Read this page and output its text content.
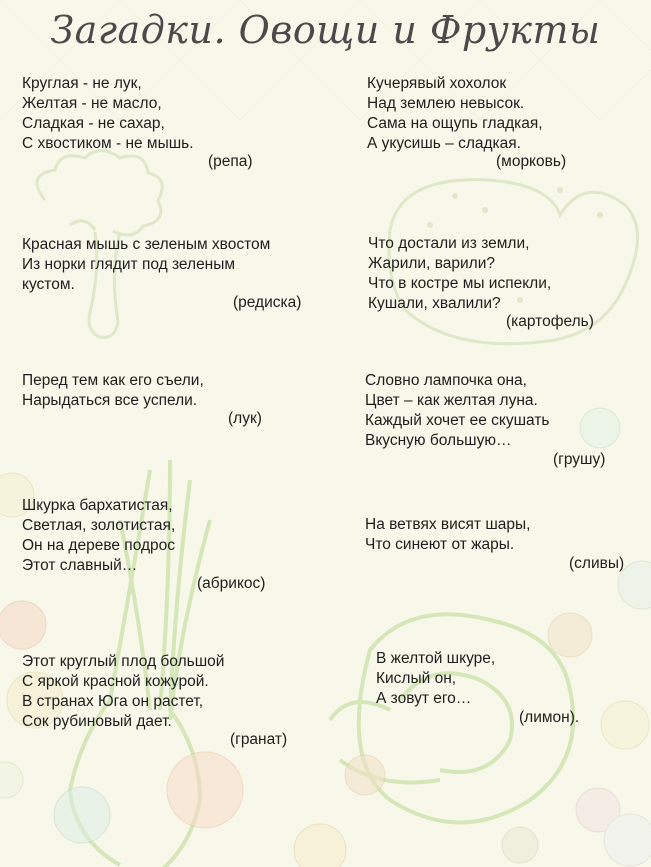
Загадки. Овощи и Фрукты
Круглая - не лук,
Желтая - не масло,
Сладкая - не сахар,
С хвостиком - не мышь.
(репа)
Кучерявый хохолок
Над землею невысок.
Сама на ощупь гладкая,
А укусишь – сладкая.
(морковь)
Красная мышь с зеленым хвостом
Из норки глядит под зеленым
кустом.
(редиска)
Что достали из земли,
Жарили, варили?
Что в костре мы испекли,
Кушали, хвалили?
(картофель)
Перед тем как его съели,
Нарыдаться все успели.
(лук)
Словно лампочка она,
Цвет – как желтая луна.
Каждый хочет ее скушать
Вкусную большую…
(грушу)
Шкурка бархатистая,
Светлая, золотистая,
Он на дереве подрос
Этот славный…
(абрикос)
На ветвях висят шары,
Что синеют от жары.
(сливы)
Этот круглый плод большой
С яркой красной кожурой.
В странах Юга он растет,
Сок рубиновый дает.
(гранат)
В желтой шкуре,
Кислый он,
А зовут его…
(лимон).
